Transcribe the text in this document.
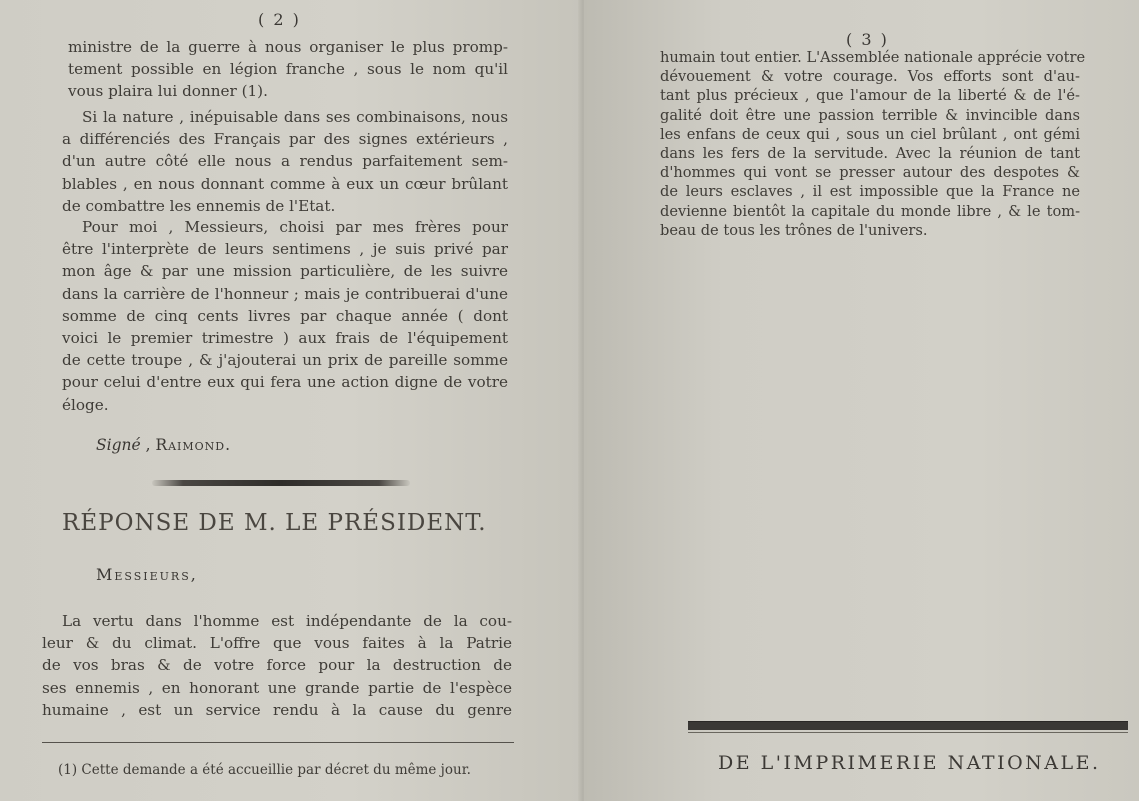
( 2 )
ministre de la guerre à nous organiser le plus promp-
tement possible en légion franche , sous le nom qu'il
vous plaira lui donner (1).
Si la nature , inépuisable dans ses combinaisons, nous
a différenciés des Français par des signes extérieurs ,
d'un autre côté elle nous a rendus parfaitement sem-
blables , en nous donnant comme à eux un cœur brûlant
de combattre les ennemis de l'Etat.
Pour moi , Messieurs, choisi par mes frères pour
être l'interprète de leurs sentimens , je suis privé par
mon âge & par une mission particulière, de les suivre
dans la carrière de l'honneur ; mais je contribuerai d'une
somme de cinq cents livres par chaque année ( dont
voici le premier trimestre ) aux frais de l'équipement
de cette troupe , & j'ajouterai un prix de pareille somme
pour celui d'entre eux qui fera une action digne de votre
éloge.
Signé , Raimond.
RÉPONSE DE M. LE PRÉSIDENT.
Messieurs,
La vertu dans l'homme est indépendante de la cou-
leur & du climat. L'offre que vous faites à la Patrie
de vos bras & de votre force pour la destruction de
ses ennemis , en honorant une grande partie de l'espèce
humaine , est un service rendu à la cause du genre
(1) Cette demande a été accueillie par décret du même jour.
( 3 )
humain tout entier. L'Assemblée nationale apprécie votre
dévouement & votre courage. Vos efforts sont d'au-
tant plus précieux , que l'amour de la liberté & de l'é-
galité doit être une passion terrible & invincible dans
les enfans de ceux qui , sous un ciel brûlant , ont gémi
dans les fers de la servitude. Avec la réunion de tant
d'hommes qui vont se presser autour des despotes &
de leurs esclaves , il est impossible que la France ne
devienne bientôt la capitale du monde libre , & le tom-
beau de tous les trônes de l'univers.
DE L'IMPRIMERIE NATIONALE.
